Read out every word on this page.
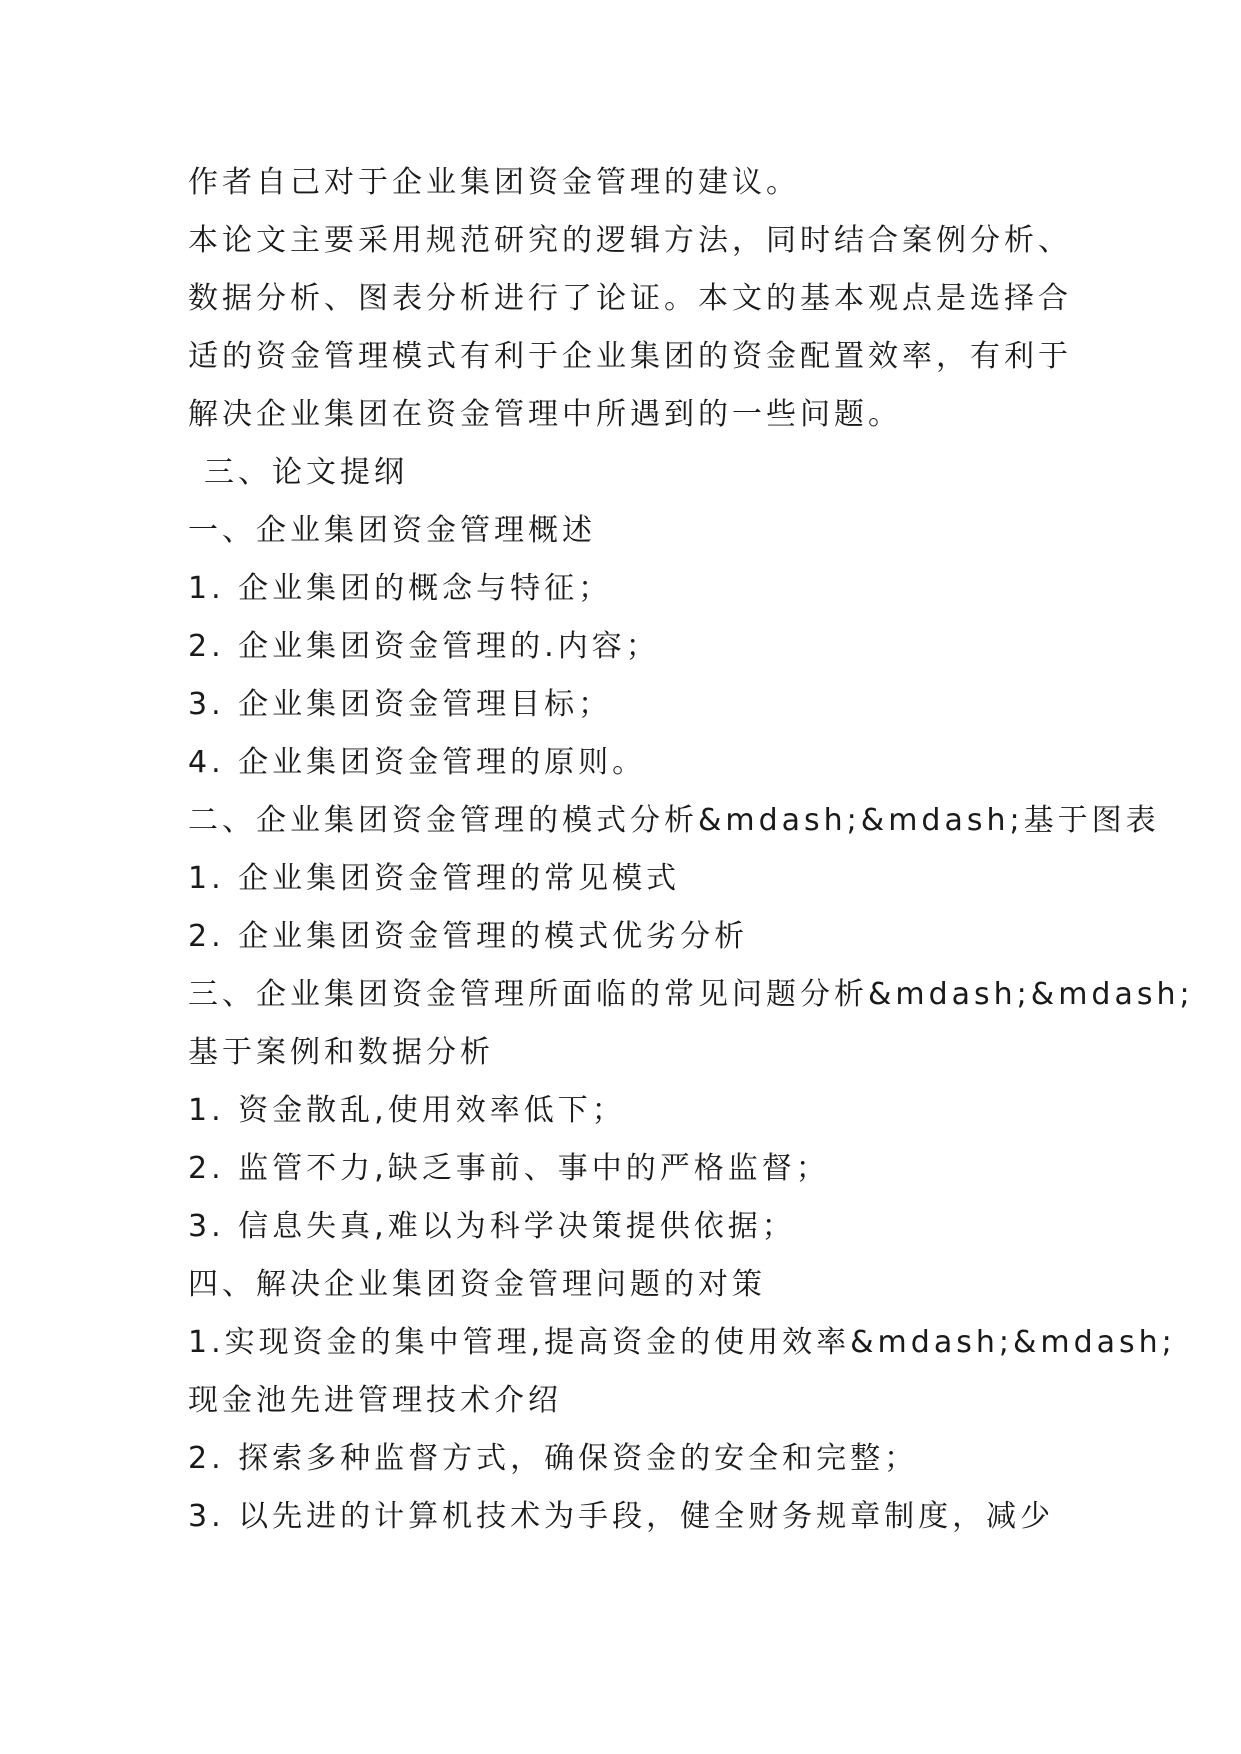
作者自己对于企业集团资金管理的建议。
本论文主要采用规范研究的逻辑方法，同时结合案例分析、
数据分析、图表分析进行了论证。本文的基本观点是选择合
适的资金管理模式有利于企业集团的资金配置效率，有利于
解决企业集团在资金管理中所遇到的一些问题。
三、论文提纲
一、企业集团资金管理概述
1. 企业集团的概念与特征；
2. 企业集团资金管理的.内容；
3. 企业集团资金管理目标；
4. 企业集团资金管理的原则。
二、企业集团资金管理的模式分析&mdash;&mdash;基于图表
1. 企业集团资金管理的常见模式
2. 企业集团资金管理的模式优劣分析
三、企业集团资金管理所面临的常见问题分析&mdash;&mdash;
基于案例和数据分析
1. 资金散乱,使用效率低下；
2. 监管不力,缺乏事前、事中的严格监督；
3. 信息失真,难以为科学决策提供依据；
四、解决企业集团资金管理问题的对策
1.实现资金的集中管理,提高资金的使用效率&mdash;&mdash;
现金池先进管理技术介绍
2. 探索多种监督方式，确保资金的安全和完整；
3. 以先进的计算机技术为手段，健全财务规章制度，减少
